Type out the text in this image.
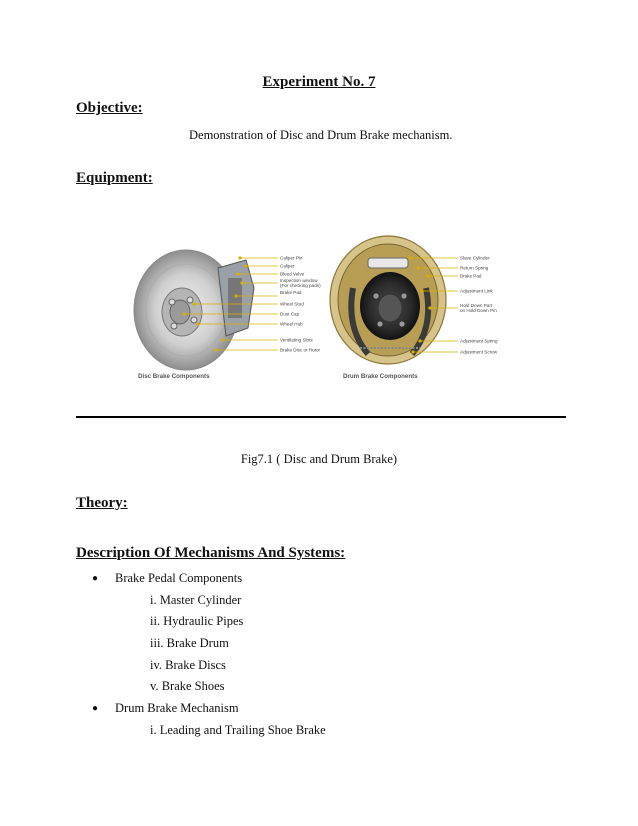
Experiment No. 7
Objective:
Demonstration of Disc and Drum Brake mechanism.
Equipment:
Caliper Pin
Caliper
Bleed Valve
Inspection window
(For checking pads)
Brake Pad
Wheel Stud
Dust Cap
Wheel Hub
Ventilating Slots
Brake Disc or Rotor
Disc Brake Components
Slave Cylinder
Return Spring
Brake Pad
Adjustment Link
Hold Down Part
on Hold Down Pin
Adjustment Spring
Adjustment Screw
Drum Brake Components
Fig7.1 ( Disc and Drum Brake)
Theory:
Description Of Mechanisms And Systems:
● Brake Pedal Components
i. Master Cylinder
ii. Hydraulic Pipes
iii. Brake Drum
iv. Brake Discs
v. Brake Shoes
● Drum Brake Mechanism
i. Leading and Trailing Shoe Brake
